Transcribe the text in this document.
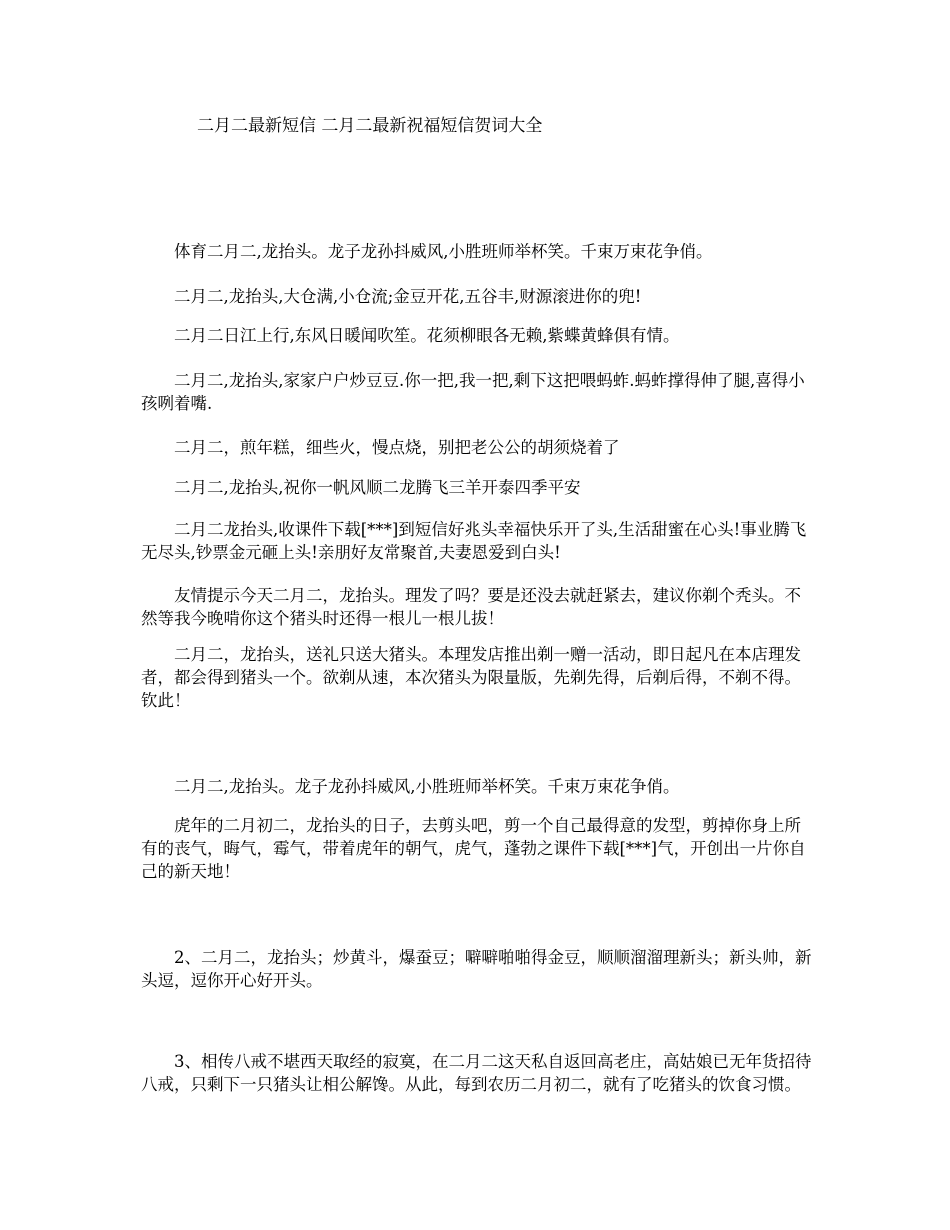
二月二最新短信 二月二最新祝福短信贺词大全

体育二月二,龙抬头。龙子龙孙抖威风,小胜班师举杯笑。千束万束花争俏。

二月二,龙抬头,大仓满,小仓流;金豆开花,五谷丰,财源滚进你的兜!

二月二日江上行,东风日暖闻吹笙。花须柳眼各无赖,紫蝶黄蜂俱有情。

二月二,龙抬头,家家户户炒豆豆.你一把,我一把,剩下这把喂蚂蚱.蚂蚱撑得伸了腿,喜得小孩咧着嘴.

二月二，煎年糕，细些火，慢点烧，别把老公公的胡须烧着了

二月二,龙抬头,祝你一帆风顺二龙腾飞三羊开泰四季平安

二月二龙抬头,收课件下载[***]到短信好兆头幸福快乐开了头,生活甜蜜在心头!事业腾飞无尽头,钞票金元砸上头!亲朋好友常聚首,夫妻恩爱到白头!

友情提示今天二月二，龙抬头。理发了吗？要是还没去就赶紧去，建议你剃个秃头。不然等我今晚啃你这个猪头时还得一根儿一根儿拔！

二月二，龙抬头，送礼只送大猪头。本理发店推出剃一赠一活动，即日起凡在本店理发者，都会得到猪头一个。欲剃从速，本次猪头为限量版，先剃先得，后剃后得，不剃不得。钦此！

二月二,龙抬头。龙子龙孙抖威风,小胜班师举杯笑。千束万束花争俏。

虎年的二月初二，龙抬头的日子，去剪头吧，剪一个自己最得意的发型，剪掉你身上所有的丧气，晦气，霉气，带着虎年的朝气，虎气，蓬勃之课件下载[***]气，开创出一片你自己的新天地！

2、二月二，龙抬头；炒黄斗，爆蚕豆；噼噼啪啪得金豆，顺顺溜溜理新头；新头帅，新头逗，逗你开心好开头。

3、相传八戒不堪西天取经的寂寞，在二月二这天私自返回高老庄，高姑娘已无年货招待八戒，只剩下一只猪头让相公解馋。从此，每到农历二月初二，就有了吃猪头的饮食习惯。
